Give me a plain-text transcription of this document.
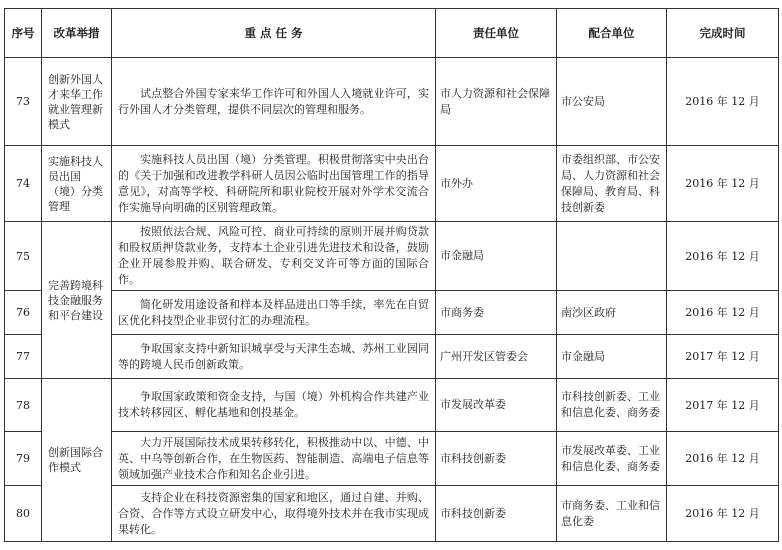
序号	改革举措	重 点 任 务	责任单位	配合单位	完成时间
73	创新外国人才来华工作就业管理新模式	试点整合外国专家来华工作许可和外国人入境就业许可，实行外国人才分类管理，提供不同层次的管理和服务。	市人力资源和社会保障局	市公安局	2016 年 12 月
74	实施科技人员出国（境）分类管理	实施科技人员出国（境）分类管理。积极贯彻落实中央出台的《关于加强和改进教学科研人员因公临时出国管理工作的指导意见》，对高等学校、科研院所和职业院校开展对外学术交流合作实施导向明确的区别管理政策。	市外办	市委组织部、市公安局、人力资源和社会保障局、教育局、科技创新委	2016 年 12 月
75	完善跨境科技金融服务和平台建设	按照依法合规、风险可控、商业可持续的原则开展并购贷款和股权质押贷款业务，支持本土企业引进先进技术和设备，鼓励企业开展参股并购、联合研发、专利交叉许可等方面的国际合作。	市金融局		2016 年 12 月
76		简化研发用途设备和样本及样品进出口等手续，率先在自贸区优化科技型企业非贸付汇的办理流程。	市商务委	南沙区政府	2016 年 12 月
77		争取国家支持中新知识城享受与天津生态城、苏州工业园同等的跨境人民币创新政策。	广州开发区管委会	市金融局	2017 年 12 月
78	创新国际合作模式	争取国家政策和资金支持，与国（境）外机构合作共建产业技术转移园区、孵化基地和创投基金。	市发展改革委	市科技创新委、工业和信息化委、商务委	2017 年 12 月
79		大力开展国际技术成果转移转化，积极推动中以、中德、中英、中乌等创新合作，在生物医药、智能制造、高端电子信息等领域加强产业技术合作和知名企业引进。	市科技创新委	市发展改革委、工业和信息化委、商务委	2016 年 12 月
80		支持企业在科技资源密集的国家和地区，通过自建、并购、合资、合作等方式设立研发中心，取得境外技术并在我市实现成果转化。	市科技创新委	市商务委、工业和信息化委	2016 年 12 月
